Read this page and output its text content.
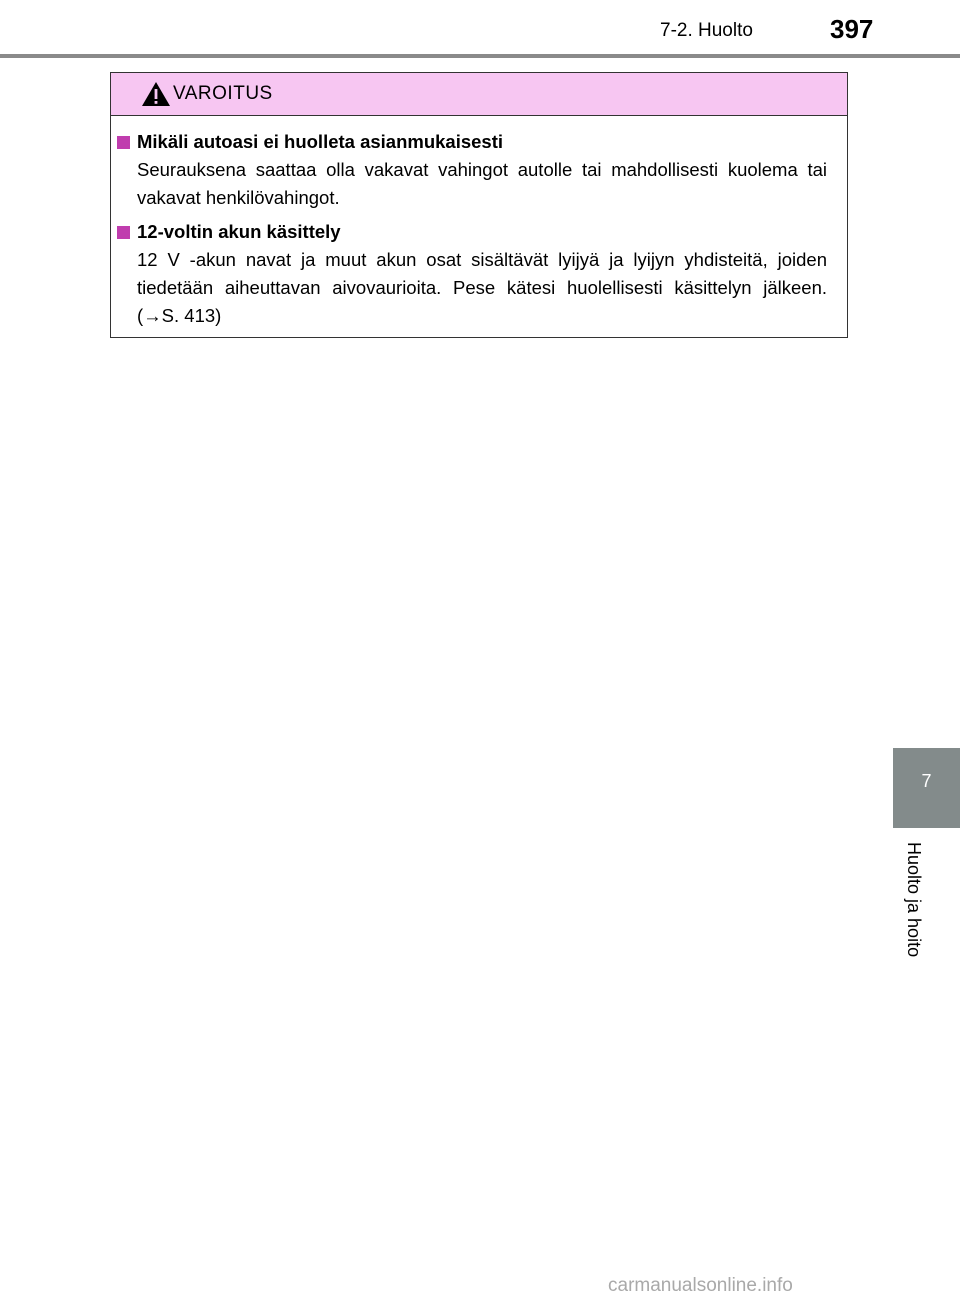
7-2. Huolto	397
VAROITUS
Mikäli autoasi ei huolleta asianmukaisesti
Seurauksena saattaa olla vakavat vahingot autolle tai mahdollisesti kuolema tai vakavat henkilövahingot.
12-voltin akun käsittely
12 V -akun navat ja muut akun osat sisältävät lyijyä ja lyijyn yhdisteitä, joiden tiedetään aiheuttavan aivovaurioita. Pese kätesi huolellisesti käsittelyn jälkeen. (→S. 413)
7
Huolto ja hoito
carmanualsonline.info
